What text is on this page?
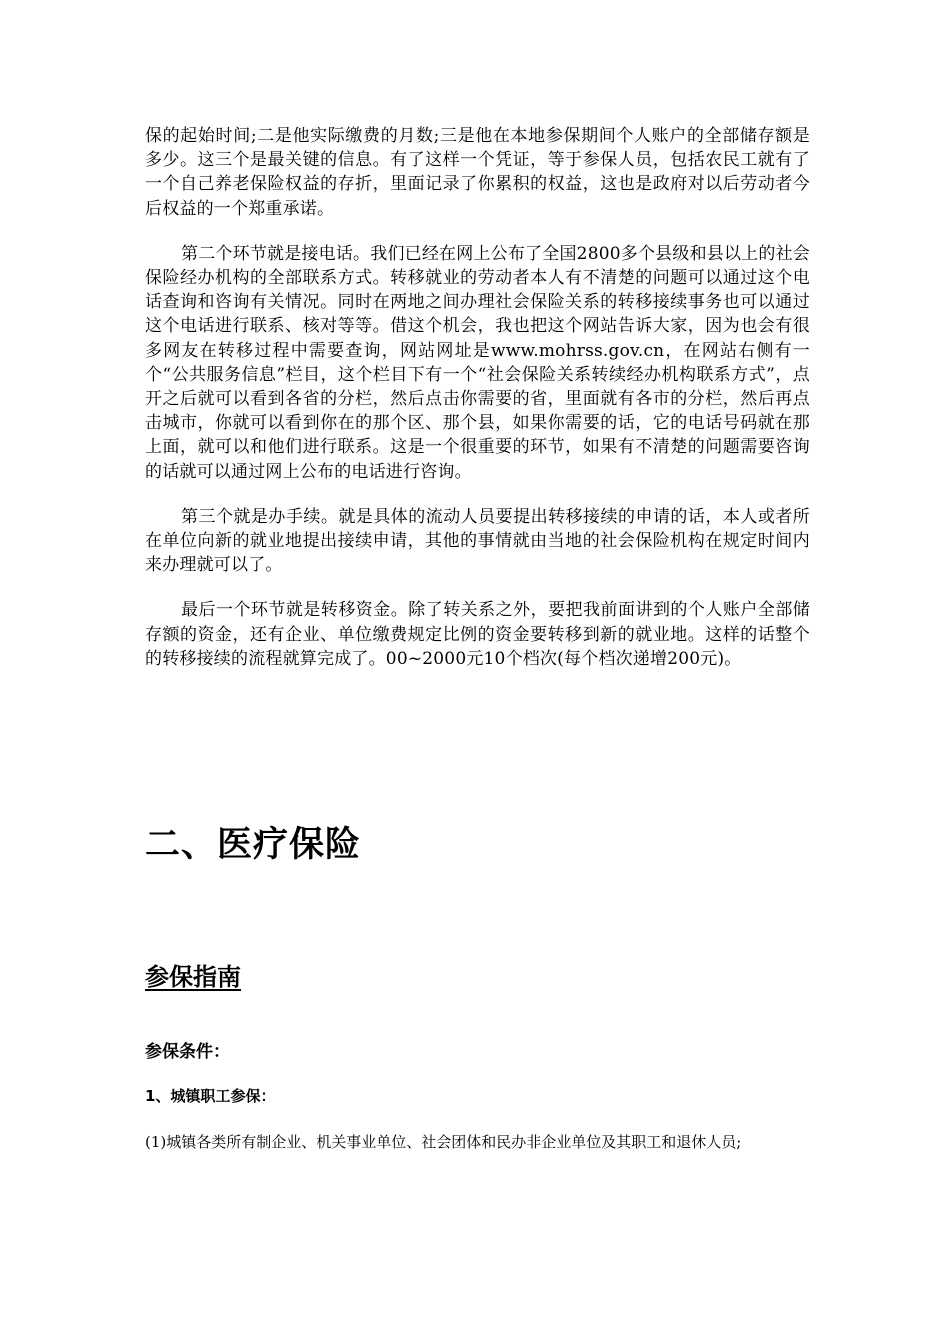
保的起始时间;二是他实际缴费的月数;三是他在本地参保期间个人账户的全部储存额是多少。这三个是最关键的信息。有了这样一个凭证，等于参保人员，包括农民工就有了一个自己养老保险权益的存折，里面记录了你累积的权益，这也是政府对以后劳动者今后权益的一个郑重承诺。

第二个环节就是接电话。我们已经在网上公布了全国2800多个县级和县以上的社会保险经办机构的全部联系方式。转移就业的劳动者本人有不清楚的问题可以通过这个电话查询和咨询有关情况。同时在两地之间办理社会保险关系的转移接续事务也可以通过这个电话进行联系、核对等等。借这个机会，我也把这个网站告诉大家，因为也会有很多网友在转移过程中需要查询，网站网址是www.mohrss.gov.cn，在网站右侧有一个“公共服务信息”栏目，这个栏目下有一个“社会保险关系转续经办机构联系方式”，点开之后就可以看到各省的分栏，然后点击你需要的省，里面就有各市的分栏，然后再点击城市，你就可以看到你在的那个区、那个县，如果你需要的话，它的电话号码就在那上面，就可以和他们进行联系。这是一个很重要的环节，如果有不清楚的问题需要咨询的话就可以通过网上公布的电话进行咨询。

第三个就是办手续。就是具体的流动人员要提出转移接续的申请的话，本人或者所在单位向新的就业地提出接续申请，其他的事情就由当地的社会保险机构在规定时间内来办理就可以了。

最后一个环节就是转移资金。除了转关系之外，要把我前面讲到的个人账户全部储存额的资金，还有企业、单位缴费规定比例的资金要转移到新的就业地。这样的话整个的转移接续的流程就算完成了。00~2000元10个档次(每个档次递增200元)。

二、医疗保险
参保指南
参保条件：
1、城镇职工参保：

(1)城镇各类所有制企业、机关事业单位、社会团体和民办非企业单位及其职工和退休人员;
